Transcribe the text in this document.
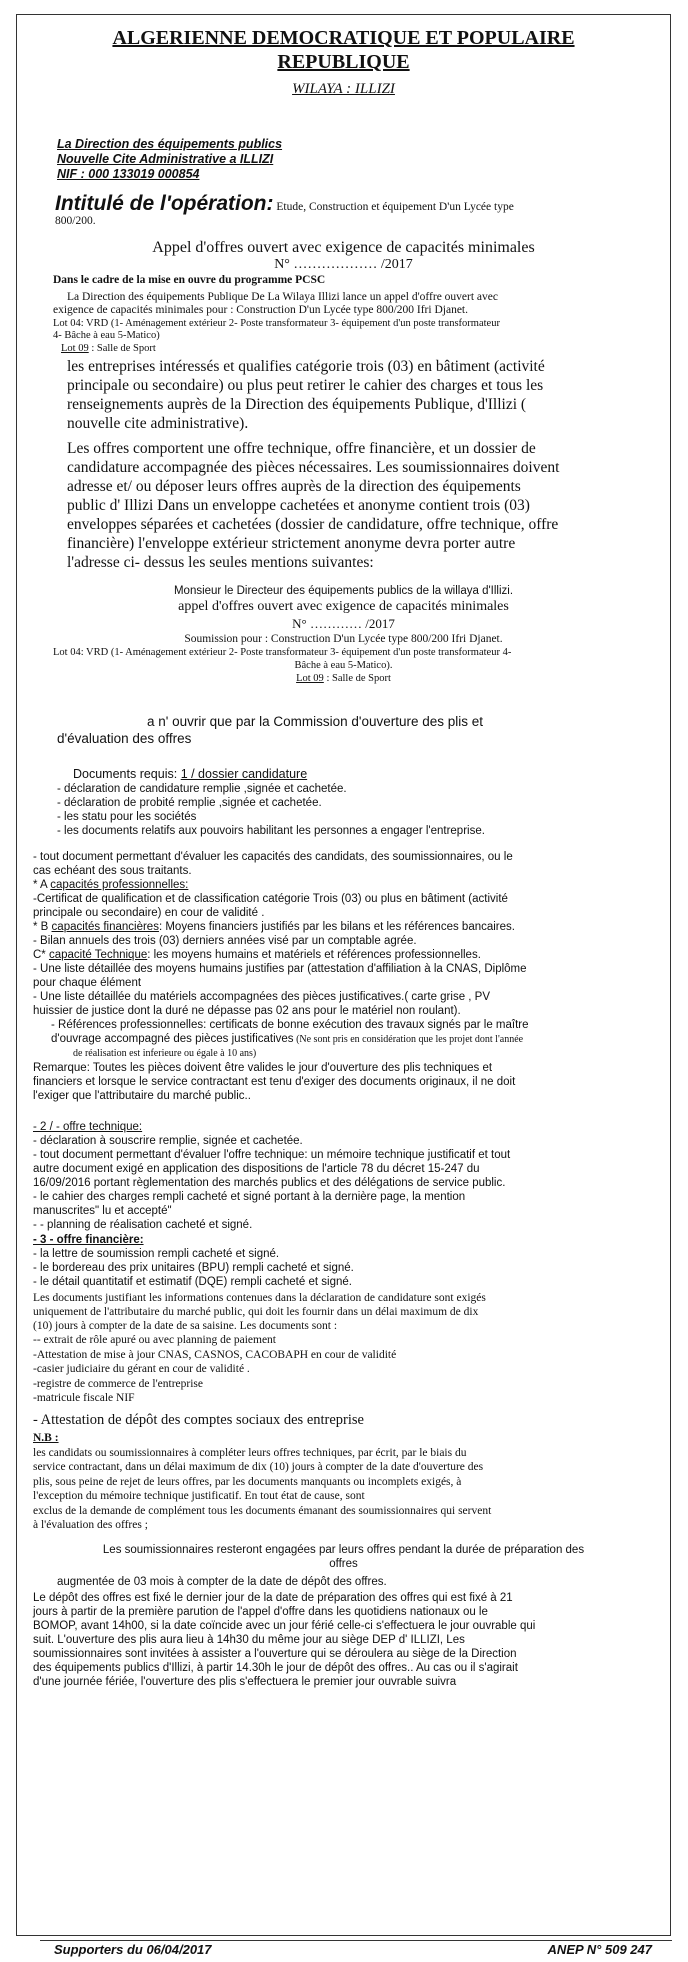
ALGERIENNE DEMOCRATIQUE ET POPULAIRE
REPUBLIQUE
WILAYA : ILLIZI
La Direction des équipements publics
Nouvelle Cite Administrative a ILLIZI
NIF : 000 133019 000854
Intitulé de l'opération: Etude, Construction et équipement D'un Lycée type
800/200.
Appel d'offres ouvert avec exigence de capacités minimales
N° ……………… /2017
Dans le cadre de la mise en ouvre du programme PCSC
La Direction des équipements Publique De La Wilaya Illizi lance un appel d'offre ouvert avec
exigence de capacités minimales pour : Construction D'un Lycée type 800/200 Ifri Djanet.
Lot 04: VRD (1- Aménagement extérieur 2- Poste transformateur 3- équipement d'un poste transformateur
4- Bâche à eau 5-Matico)
Lot 09 : Salle de Sport
les entreprises intéressés et qualifies catégorie trois (03) en bâtiment (activité
principale ou secondaire) ou plus peut retirer le cahier des charges et tous les
renseignements auprès de la Direction des équipements Publique, d'Illizi (
nouvelle cite administrative).
Les offres comportent une offre technique, offre financière, et un dossier de
candidature accompagnée des pièces nécessaires. Les soumissionnaires doivent
adresse et/ ou déposer leurs offres auprès de la direction des équipements
public d' Illizi Dans un enveloppe cachetées et anonyme contient trois (03)
enveloppes séparées et cachetées (dossier de candidature, offre technique, offre
financière) l'enveloppe extérieur strictement anonyme devra porter autre
l'adresse ci- dessus les seules mentions suivantes:
Monsieur le Directeur des équipements publics de la willaya d'Illizi.
appel d'offres ouvert avec exigence de capacités minimales
N° ………… /2017
Soumission pour : Construction D'un Lycée type 800/200 Ifri Djanet.
Lot 04: VRD (1- Aménagement extérieur 2- Poste transformateur 3- équipement d'un poste transformateur 4-
Bâche à eau 5-Matico).
Lot 09 : Salle de Sport
a n' ouvrir que par la Commission d'ouverture des plis et
d'évaluation des offres
Documents requis: 1 / dossier candidature
- déclaration de candidature remplie ,signée et cachetée.
- déclaration de probité remplie ,signée et cachetée.
- les statu pour les sociétés
- les documents relatifs aux pouvoirs habilitant les personnes a engager l'entreprise.
- tout document permettant d'évaluer les capacités des candidats, des soumissionnaires, ou le
cas echéant des sous traitants.
* A capacités professionnelles:
-Certificat de qualification et de classification catégorie Trois (03) ou plus en bâtiment (activité
principale ou secondaire) en cour de validité .
* B capacités financières: Moyens financiers justifiés par les bilans et les références bancaires.
- Bilan annuels des trois (03) derniers années visé par un comptable agrée.
C* capacité Technique: les moyens humains et matériels et références professionnelles.
- Une liste détaillée des moyens humains justifies par (attestation d'affiliation à la CNAS, Diplôme
pour chaque élément
- Une liste détaillée du matériels accompagnées des pièces justificatives.( carte grise , PV
huissier de justice dont la duré ne dépasse pas 02 ans pour le matériel non roulant).
- Références professionnelles: certificats de bonne exécution des travaux signés par le maître
d'ouvrage accompagné des pièces justificatives (Ne sont pris en considération que les projet dont l'année
de réalisation est inferieure ou égale à 10 ans)
Remarque: Toutes les pièces doivent être valides le jour d'ouverture des plis techniques et
financiers et lorsque le service contractant est tenu d'exiger des documents originaux, il ne doit
l'exiger que l'attributaire du marché public..
- 2 / - offre technique:
- déclaration à souscrire remplie, signée et cachetée.
- tout document permettant d'évaluer l'offre technique: un mémoire technique justificatif et tout
autre document exigé en application des dispositions de l'article 78 du décret 15-247 du
16/09/2016 portant règlementation des marchés publics et des délégations de service public.
- le cahier des charges rempli cacheté et signé portant à la dernière page, la mention
manuscrites" lu et accepté"
- - planning de réalisation cacheté et signé.
- 3 - offre financière:
- la lettre de soumission rempli cacheté et signé.
- le bordereau des prix unitaires (BPU) rempli cacheté et signé.
- le détail quantitatif et estimatif (DQE) rempli cacheté et signé.
Les documents justifiant les informations contenues dans la déclaration de candidature sont exigés
uniquement de l'attributaire du marché public, qui doit les fournir dans un délai maximum de dix
(10) jours à compter de la date de sa saisine. Les documents sont :
-- extrait de rôle apuré ou avec planning de paiement
-Attestation de mise à jour CNAS, CASNOS, CACOBAPH en cour de validité
-casier judiciaire du gérant en cour de validité .
-registre de commerce de l'entreprise
-matricule fiscale NIF
- Attestation de dépôt des comptes sociaux des entreprise
N.B :
les candidats ou soumissionnaires à compléter leurs offres techniques, par écrit, par le biais du
service contractant, dans un délai maximum de dix (10) jours à compter de la date d'ouverture des
plis, sous peine de rejet de leurs offres, par les documents manquants ou incomplets exigés, à
l'exception du mémoire technique justificatif. En tout état de cause, sont
exclus de la demande de complément tous les documents émanant des soumissionnaires qui servent
à l'évaluation des offres ;
Les soumissionnaires resteront engagées par leurs offres pendant la durée de préparation des
offres
augmentée de 03 mois à compter de la date de dépôt des offres.
Le dépôt des offres est fixé le dernier jour de la date de préparation des offres qui est fixé à 21
jours à partir de la première parution de l'appel d'offre dans les quotidiens nationaux ou le
BOMOP, avant 14h00, si la date coïncide avec un jour férié celle-ci s'effectuera le jour ouvrable qui
suit. L'ouverture des plis aura lieu à 14h30 du même jour au siège DEP d' ILLIZI, Les
soumissionnaires sont invitées à assister a l'ouverture qui se déroulera au siège de la Direction
des équipements publics d'Illizi, à partir 14.30h le jour de dépôt des offres.. Au cas ou il s'agirait
d'une journée fériée, l'ouverture des plis s'effectuera le premier jour ouvrable suivra
Supporters du 06/04/2017	ANEP N° 509 247
